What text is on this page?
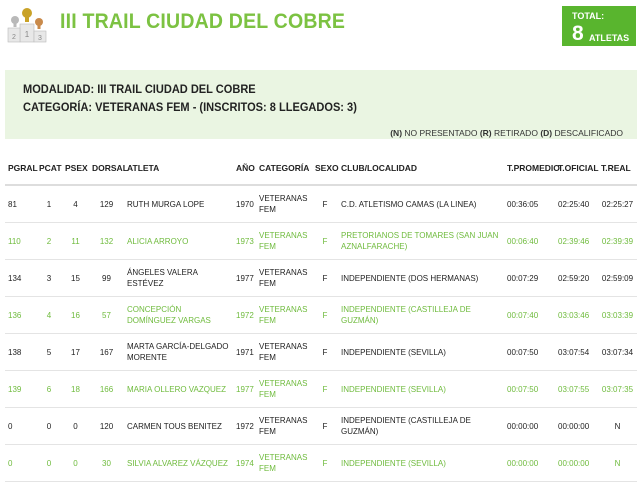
1
2	3
III TRAIL CIUDAD DEL COBRE	TOTAL:
8 ATLETAS
MODALIDAD: III TRAIL CIUDAD DEL COBRE
CATEGORÍA: VETERANAS FEM - (INSCRITOS: 8 LLEGADOS: 3)
(N) NO PRESENTADO (R) RETIRADO (D) DESCALIFICADO
PGRAL	PCAT	PSEX	DORSAL	ATLETA	AÑO	CATEGORÍA	SEXO	CLUB/LOCALIDAD	T.PROMEDIO	T.OFICIAL	T.REAL
81	1	4	129	RUTH MURGA LOPE	1970	VETERANAS FEM	F	C.D. ATLETISMO CAMAS (LA LINEA)	00:36:05	02:25:40	02:25:27
110	2	11	132	ALICIA ARROYO	1973	VETERANAS FEM	F	PRETORIANOS DE TOMARES (SAN JUAN AZNALFARACHE)	00:06:40	02:39:46	02:39:39
134	3	15	99	ÁNGELES VALERA ESTÉVEZ	1977	VETERANAS FEM	F	INDEPENDIENTE (DOS HERMANAS)	00:07:29	02:59:20	02:59:09
136	4	16	57	CONCEPCIÓN DOMÍNGUEZ VARGAS	1972	VETERANAS FEM	F	INDEPENDIENTE (CASTILLEJA DE GUZMÁN)	00:07:40	03:03:46	03:03:39
138	5	17	167	MARTA GARCÍA-DELGADO MORENTE	1971	VETERANAS FEM	F	INDEPENDIENTE (SEVILLA)	00:07:50	03:07:54	03:07:34
139	6	18	166	MARIA OLLERO VAZQUEZ	1977	VETERANAS FEM	F	INDEPENDIENTE (SEVILLA)	00:07:50	03:07:55	03:07:35
0	0	0	120	CARMEN TOUS BENITEZ	1972	VETERANAS FEM	F	INDEPENDIENTE (CASTILLEJA DE GUZMÁN)	00:00:00	00:00:00	N
0	0	0	30	SILVIA ALVAREZ VÁZQUEZ	1974	VETERANAS FEM	F	INDEPENDIENTE (SEVILLA)	00:00:00	00:00:00	N
